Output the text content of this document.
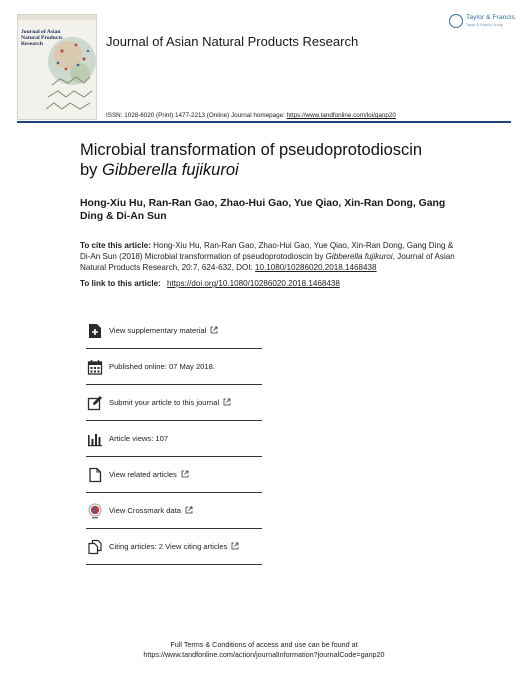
Journal of Asian Natural Products Research	Journal of Asian Natural Products Research
Taylor & Francis
Taylor & Francis Group
ISSN: 1028-6020 (Print) 1477-2213 (Online) Journal homepage: https://www.tandfonline.com/loi/ganp20
Microbial transformation of pseudoprotodioscin
by Gibberella fujikuroi
Hong-Xiu Hu, Ran-Ran Gao, Zhao-Hui Gao, Yue Qiao, Xin-Ran Dong, Gang Ding & Di-An Sun
To cite this article: Hong-Xiu Hu, Ran-Ran Gao, Zhao-Hui Gao, Yue Qiao, Xin-Ran Dong, Gang Ding & Di-An Sun (2018) Microbial transformation of pseudoprotodioscin by Gibberella fujikuroi, Journal of Asian Natural Products Research, 20:7, 624-632, DOI: 10.1080/10286020.2018.1468438
To link to this article: https://doi.org/10.1080/10286020.2018.1468438
View supplementary material
Published online: 07 May 2018.
Submit your article to this journal
Article views: 107
View related articles
View Crossmark data
Citing articles: 2 View citing articles
Full Terms & Conditions of access and use can be found at
https://www.tandfonline.com/action/journalInformation?journalCode=ganp20
